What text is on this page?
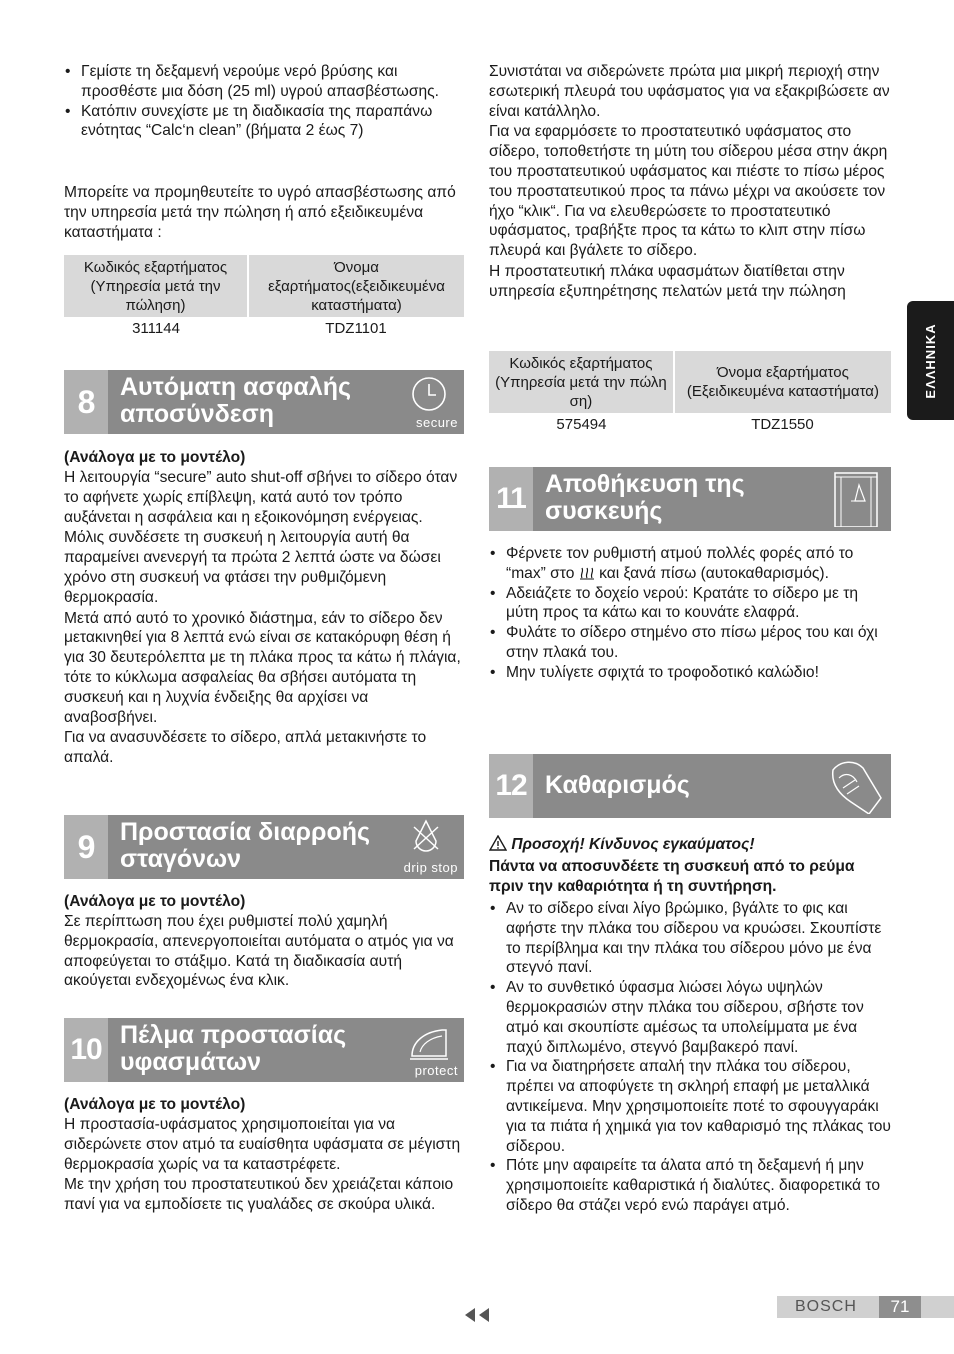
ΕΛΛΗΝΙΚΑ
• Γεμίστε τη δεξαμενή νερούμε νερό βρύσης και προσθέστε μια δόση (25 ml) υγρού απασβέστωσης.
• Κατόπιν συνεχίστε με τη διαδικασία της παραπάνω ενότητας “Calc‘n clean” (βήματα 2 έως 7)

Μπορείτε να προμηθευτείτε το υγρό απασβέστωσης από την υπηρεσία μετά την πώληση ή από εξειδικευμένα καταστήματα :

Κωδικός εξαρτήματος (Υπηρεσία μετά την πώληση)	Όνομα εξαρτήματος(εξειδικευμένα καταστήματα)
311144	TDZ1101
8	Αυτόματη ασφαλής αποσύνδεση	secure

(Ανάλογα με το μοντέλο)

Η λειτουργία “secure” auto shut-off σβήνει το σίδερο όταν το αφήνετε χωρίς επίβλεψη, κατά αυτό τον τρόπο αυξάνεται η ασφάλεια και η εξοικονόμηση ενέργειας.

Μόλις συνδέσετε τη συσκευή η λειτουργία αυτή θα παραμείνει ανενεργή τα πρώτα 2 λεπτά ώστε να δώσει χρόνο στη συσκευή να φτάσει την ρυθμιζόμενη θερμοκρασία.

Μετά από αυτό το χρονικό διάστημα, εάν το σίδερο δεν μετακινηθεί για 8 λεπτά ενώ είναι σε κατακόρυφη θέση ή για 30 δευτερόλεπτα με τη πλάκα προς τα κάτω ή πλάγια, τότε το κύκλωμα ασφαλείας θα σβήσει αυτόματα τη συσκευή και η λυχνία ένδειξης θα αρχίσει να αναβοσβήνει.

Για να ανασυνδέσετε το σίδερο, απλά μετακινήστε το απαλά.

9	Προστασία διαρροής σταγόνων	drip stop

(Ανάλογα με το μοντέλο)

Σε περίπτωση που έχει ρυθμιστεί πολύ χαμηλή θερμοκρασία, απενεργοποιείται αυτόματα ο ατμός για να αποφεύγεται το στάξιμο. Κατά τη διαδικασία αυτή ακούγεται ενδεχομένως ένα κλικ.

10 Πέλμα προστασίας υφασμάτων	protect

(Ανάλογα με το μοντέλο)

Η προστασία-υφάσματος χρησιμοποιείται για να σιδερώνετε στον ατμό τα ευαίσθητα υφάσματα σε μέγιστη θερμοκρασία χωρίς να τα καταστρέφετε.

Με την χρήση του προστατευτικού δεν χρειάζεται κάποιο πανί για να εμποδίσετε τις γυαλάδες σε σκούρα υλικά.

Συνιστάται να σιδερώνετε πρώτα μια μικρή περιοχή στην εσωτερική πλευρά του υφάσματος για να εξακριβώσετε αν είναι κατάλληλο.

Για να εφαρμόσετε το προστατευτικό υφάσματος στο σίδερο, τοποθετήστε τη μύτη του σίδερου μέσα στην άκρη του προστατευτικού υφάσματος και πιέστε το πίσω μέρος του προστατευτικού προς τα πάνω μέχρι να ακούσετε τον ήχο “κλικ“. Για να ελευθερώσετε το προστατευτικό υφάσματος, τραβήξτε προς τα κάτω το κλιπ στην πίσω πλευρά και βγάλετε το σίδερο.

Η προστατευτική πλάκα υφασμάτων διατίθεται στην υπηρεσία εξυπηρέτησης πελατών μετά την πώληση

Κωδικός εξαρτήματος (Υπηρεσία μετά την πώλη ση)	Όνομα εξαρτήματος (Εξειδικευμένα καταστήματα)
575494	TDZ1550
11 Αποθήκευση της συσκευής
• Φέρνετε τον ρυθμιστή ατμού πολλές φορές από το “max” στο και ξανά πίσω (αυτοκαθαρισμός).
• Αδειάζετε το δοχείο νερού: Κρατάτε το σίδερο με τη μύτη προς τα κάτω και το κουνάτε ελαφρά.
• Φυλάτε το σίδερο στημένο στο πίσω μέρος του και όχι στην πλακά του.
• Μην τυλίγετε σφιχτά το τροφοδοτικό καλώδιο!
12 Καθαρισμός
Προσοχή! Κίνδυνος εγκαύματος!

Πάντα να αποσυνδέετε τη συσκευή από το ρεύμα πριν την καθαριότητα ή τη συντήρηση.

• Αν το σίδερο είναι λίγο βρώμικο, βγάλτε το φις και αφήστε την πλάκα του σίδερου να κρυώσει. Σκουπίστε το περίβλημα και την πλάκα του σίδερου μόνο με ένα στεγνό πανί.
• Αν το συνθετικό ύφασμα λιώσει λόγω υψηλών θερμοκρασιών στην πλάκα του σίδερου, σβήστε τον ατμό και σκουπίστε αμέσως τα υπολείμματα με ένα παχύ διπλωμένο, στεγνό βαμβακερό πανί.
• Για να διατηρήσετε απαλή την πλάκα του σίδερου, πρέπει να αποφύγετε τη σκληρή επαφή με μεταλλικά αντικείμενα. Μην χρησιμοποιείτε ποτέ το σφουγγαράκι για τα πιάτα ή χημικά για τον καθαρισμό της πλάκας του σίδερου.
• Πότε μην αφαιρείτε τα άλατα από τη δεξαμενή ή μην χρησιμοποιείτε καθαριστικά ή διαλύτες. διαφορετικά το σίδερο θα στάζει νερό ενώ παράγει ατμό.
BOSCH	71
